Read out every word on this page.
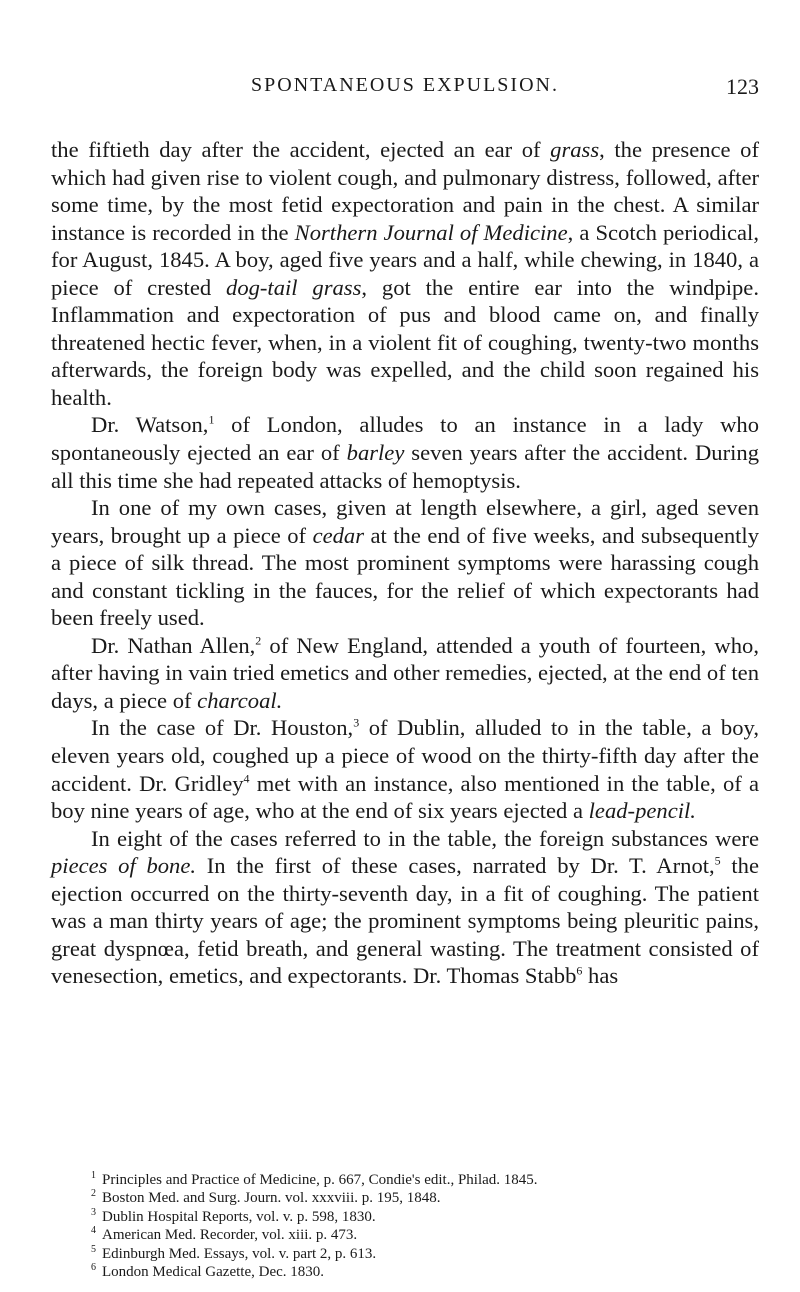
SPONTANEOUS EXPULSION.	123

the fiftieth day after the accident, ejected an ear of grass, the presence of which had given rise to violent cough, and pulmonary distress, followed, after some time, by the most fetid expectoration and pain in the chest. A similar instance is recorded in the Northern Journal of Medicine, a Scotch periodical, for August, 1845. A boy, aged five years and a half, while chewing, in 1840, a piece of crested dog-tail grass, got the entire ear into the windpipe. Inflammation and expectoration of pus and blood came on, and finally threatened hectic fever, when, in a violent fit of coughing, twenty-two months afterwards, the foreign body was expelled, and the child soon regained his health.

Dr. Watson,$^1$ of London, alludes to an instance in a lady who spontaneously ejected an ear of barley seven years after the accident. During all this time she had repeated attacks of hemoptysis.

In one of my own cases, given at length elsewhere, a girl, aged seven years, brought up a piece of cedar at the end of five weeks, and subsequently a piece of silk thread. The most prominent symptoms were harassing cough and constant tickling in the fauces, for the relief of which expectorants had been freely used.

Dr. Nathan Allen,$^2$ of New England, attended a youth of fourteen, who, after having in vain tried emetics and other remedies, ejected, at the end of ten days, a piece of charcoal.

In the case of Dr. Houston,$^3$ of Dublin, alluded to in the table, a boy, eleven years old, coughed up a piece of wood on the thirty-fifth day after the accident. Dr. Gridley$^4$ met with an instance, also mentioned in the table, of a boy nine years of age, who at the end of six years ejected a lead-pencil.

In eight of the cases referred to in the table, the foreign substances were pieces of bone. In the first of these cases, narrated by Dr. T. Arnot,$^5$ the ejection occurred on the thirty-seventh day, in a fit of coughing. The patient was a man thirty years of age; the prominent symptoms being pleuritic pains, great dyspnœa, fetid breath, and general wasting. The treatment consisted of venesection, emetics, and expectorants. Dr. Thomas Stabb$^6$ has

$^1$ Principles and Practice of Medicine, p. 667, Condie's edit., Philad. 1845.
$^2$ Boston Med. and Surg. Journ. vol. xxxviii. p. 195, 1848.
$^3$ Dublin Hospital Reports, vol. v. p. 598, 1830.
$^4$ American Med. Recorder, vol. xiii. p. 473.
$^5$ Edinburgh Med. Essays, vol. v. part 2, p. 613.
$^6$ London Medical Gazette, Dec. 1830.
